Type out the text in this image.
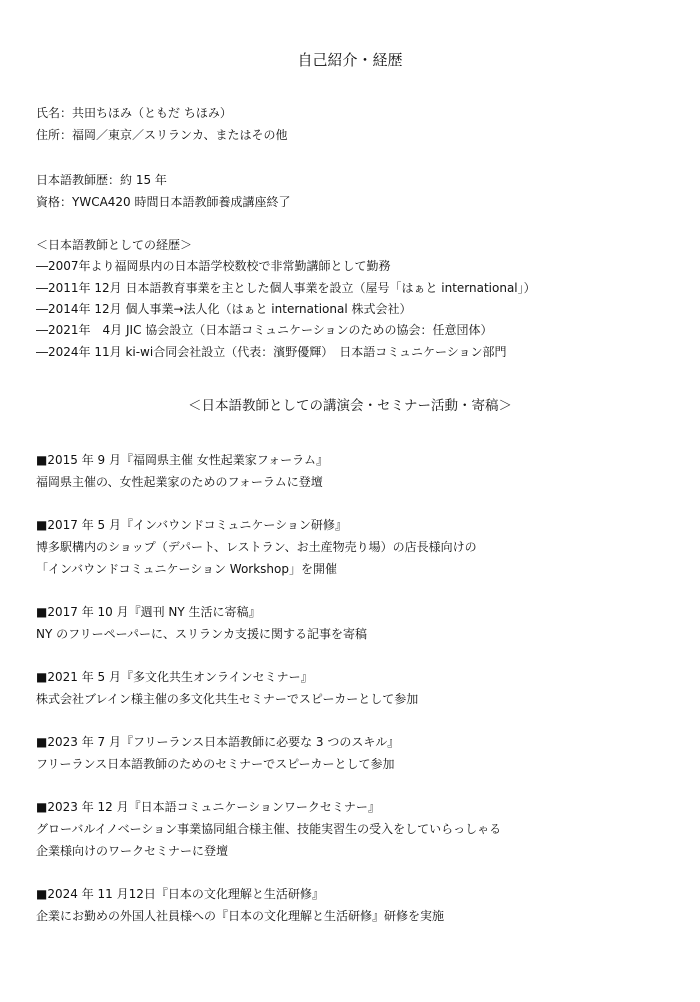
自己紹介・経歴
氏名：共田ちほみ（ともだ ちほみ）
住所：福岡／東京／スリランカ、またはその他
日本語教師歴：約 15 年
資格：YWCA420 時間日本語教師養成講座終了
＜日本語教師としての経歴＞
―2007年より福岡県内の日本語学校数校で非常勤講師として勤務
―2011年 12月 日本語教育事業を主とした個人事業を設立（屋号「はぁと international」）
―2014年 12月 個人事業→法人化（はぁと international 株式会社）
―2021年　4月 JIC 協会設立（日本語コミュニケーションのための協会：任意団体）
―2024年 11月 ki-wi合同会社設立（代表：濱野優輝）　日本語コミュニケーション部門
＜日本語教師としての講演会・セミナー活動・寄稿＞
■2015 年 9 月『福岡県主催 女性起業家フォーラム』
福岡県主催の、女性起業家のためのフォーラムに登壇
■2017 年 5 月『インバウンドコミュニケーション研修』
博多駅構内のショップ（デパート、レストラン、お土産物売り場）の店長様向けの
「インバウンドコミュニケーション Workshop」を開催
■2017 年 10 月『週刊 NY 生活に寄稿』
NY のフリーペーパーに、スリランカ支援に関する記事を寄稿
■2021 年 5 月『多文化共生オンラインセミナー』
株式会社ブレイン様主催の多文化共生セミナーでスピーカーとして参加
■2023 年 7 月『フリーランス日本語教師に必要な 3 つのスキル』
フリーランス日本語教師のためのセミナーでスピーカーとして参加
■2023 年 12 月『日本語コミュニケーションワークセミナー』
グローバルイノベーション事業協同組合様主催、技能実習生の受入をしていらっしゃる
企業様向けのワークセミナーに登壇
■2024 年 11 月12日『日本の文化理解と生活研修』
企業にお勤めの外国人社員様への『日本の文化理解と生活研修』研修を実施
